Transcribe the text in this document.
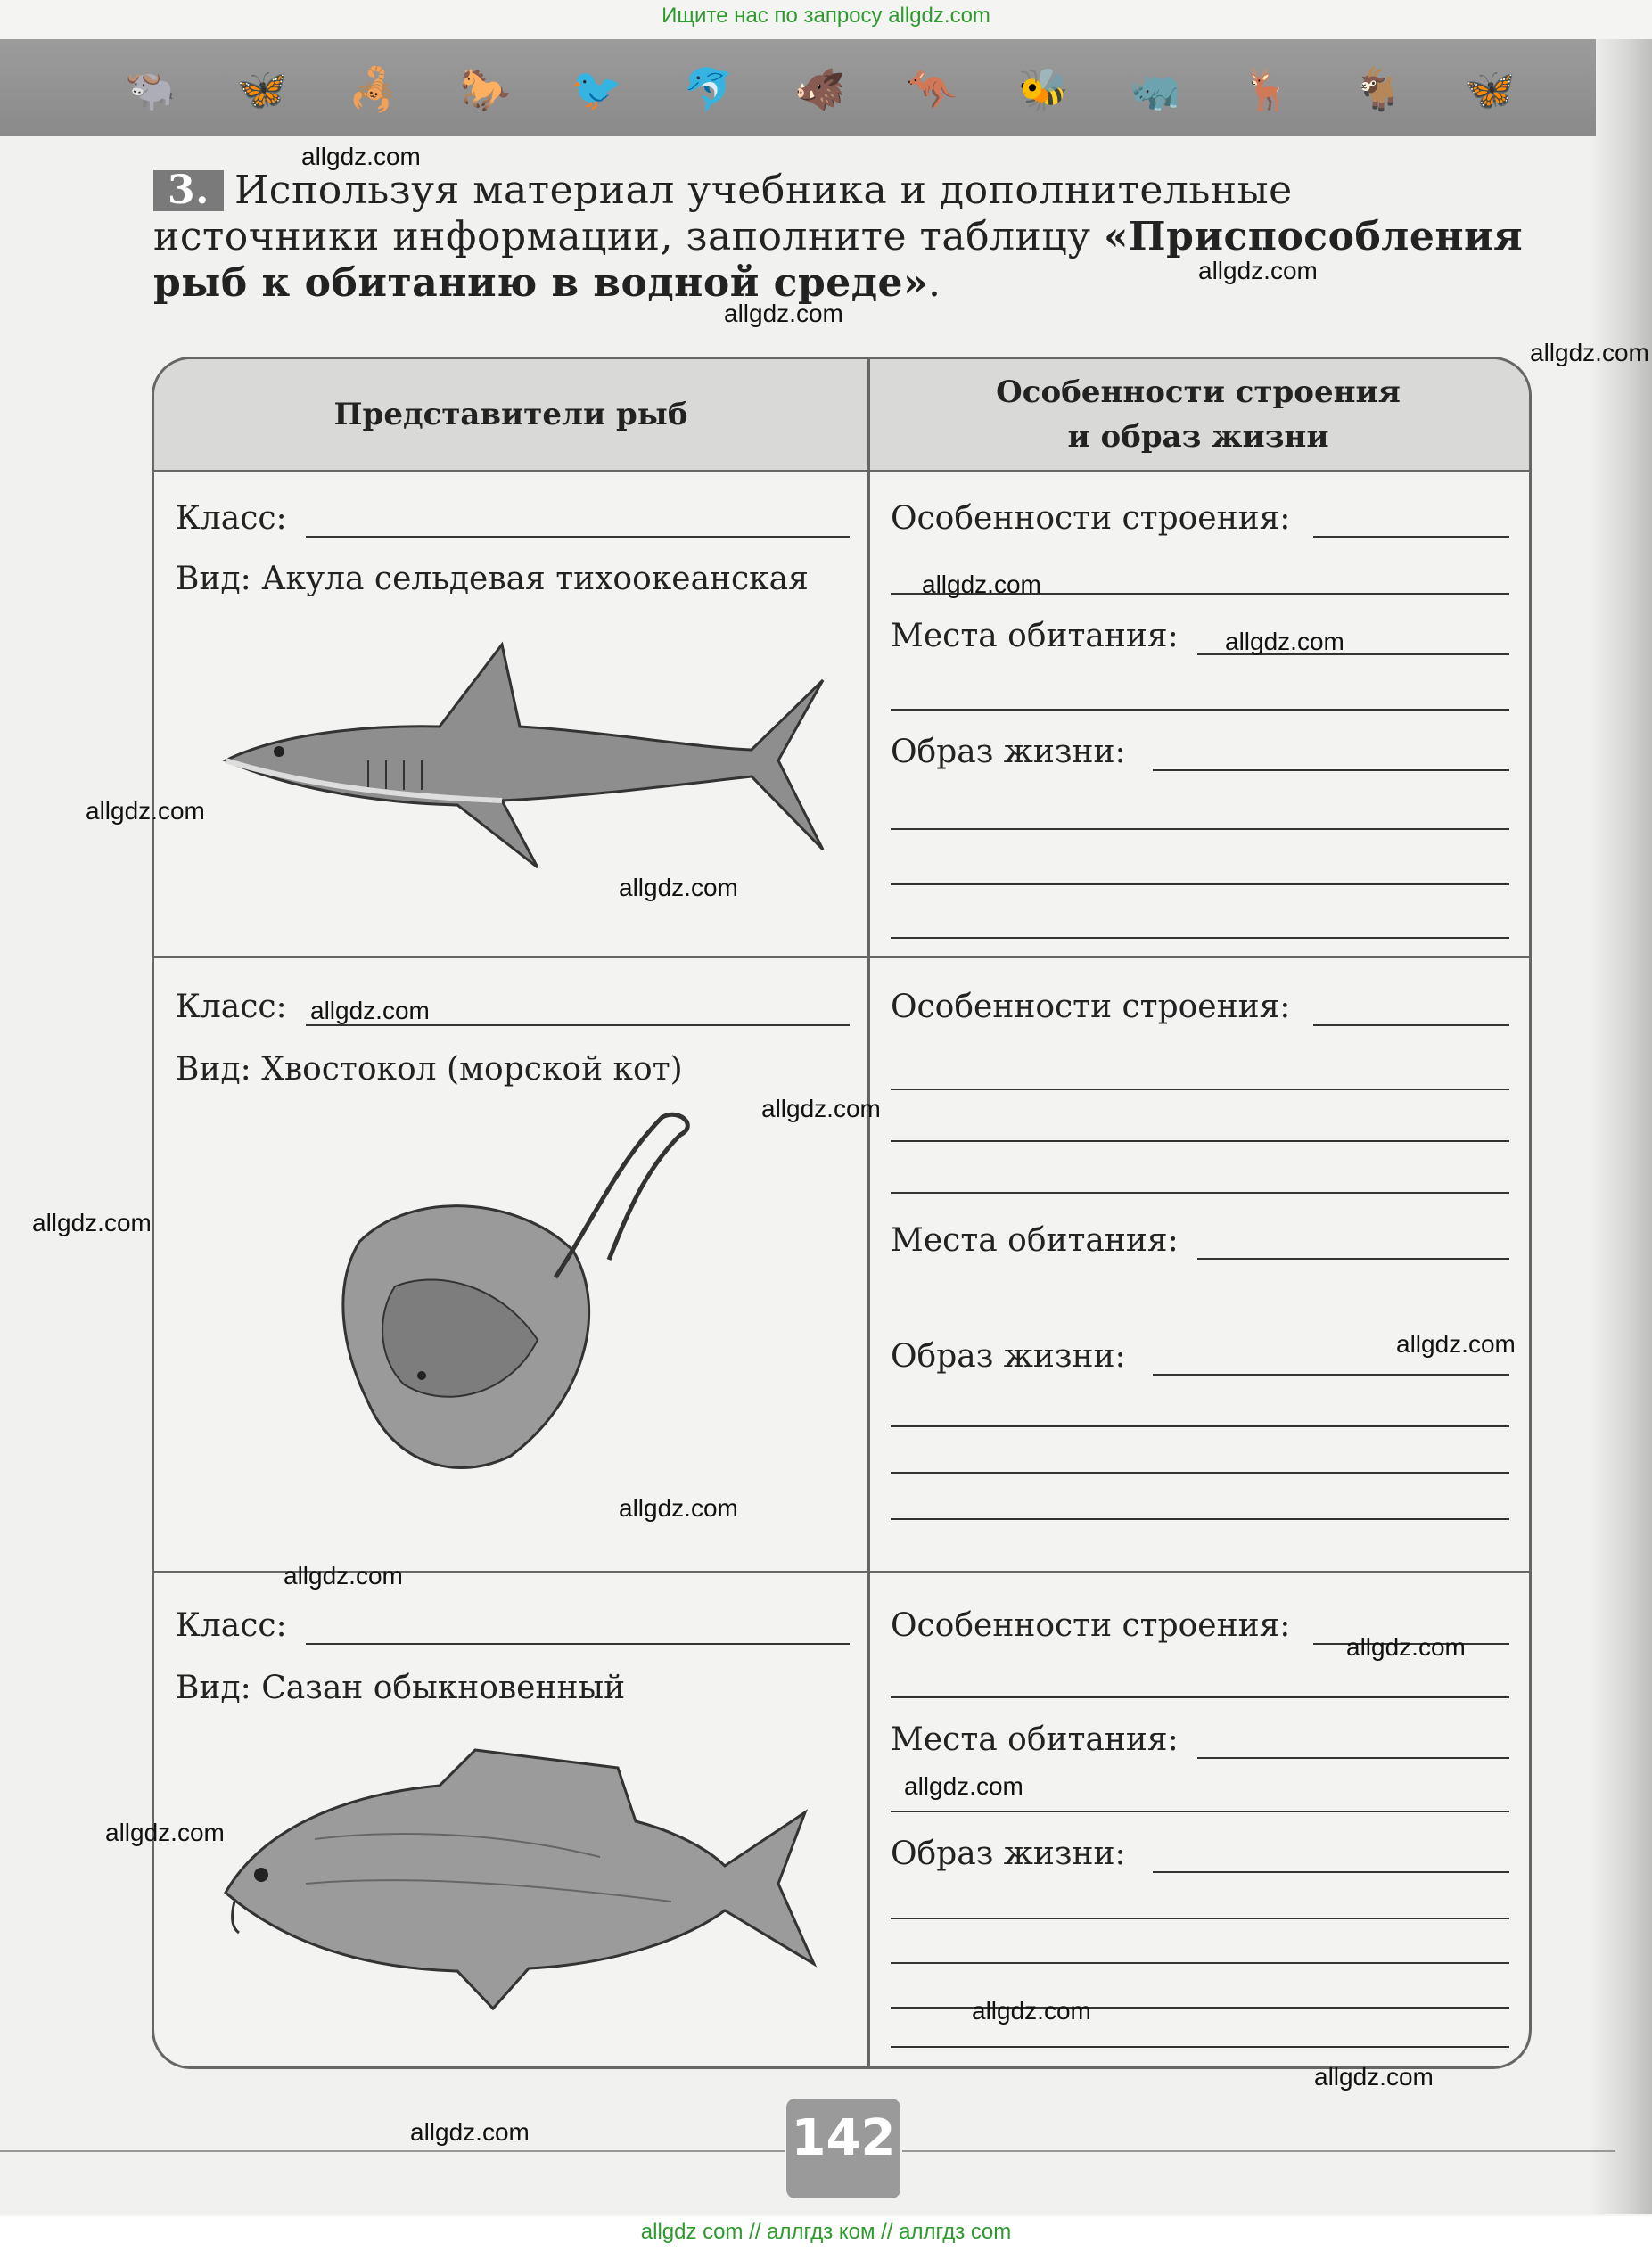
Ищите нас по запросу allgdz.com
🐃 🦋 🦂 🐎 🐦 🐬 🐗 🦘 🐝 🦏 🦌 🐐 🦋
3. Используя материал учебника и дополнительные источники информации, заполните таблицу «Приспособления рыб к обитанию в водной среде».
Представители рыб
Особенности строения
и образ жизни
Класс:
Вид: Акула сельдевая тихоокеанская
Особенности строения:
Места обитания:
Образ жизни:
Класс:
Вид: Хвостокол (морской кот)
Особенности строения:
Места обитания:
Образ жизни:
Класс:
Вид: Сазан обыкновенный
Особенности строения:
Места обитания:
Образ жизни:
allgdz.com
allgdz.com
allgdz.com
allgdz.com
allgdz.com
allgdz.com
allgdz.com
allgdz.com
allgdz.com
allgdz.com
allgdz.com
allgdz.com
allgdz.com
allgdz.com
allgdz.com
allgdz.com
allgdz.com
allgdz.com
allgdz.com
allgdz.com	142
allgdz com // аллгдз ком // аллгдз com
